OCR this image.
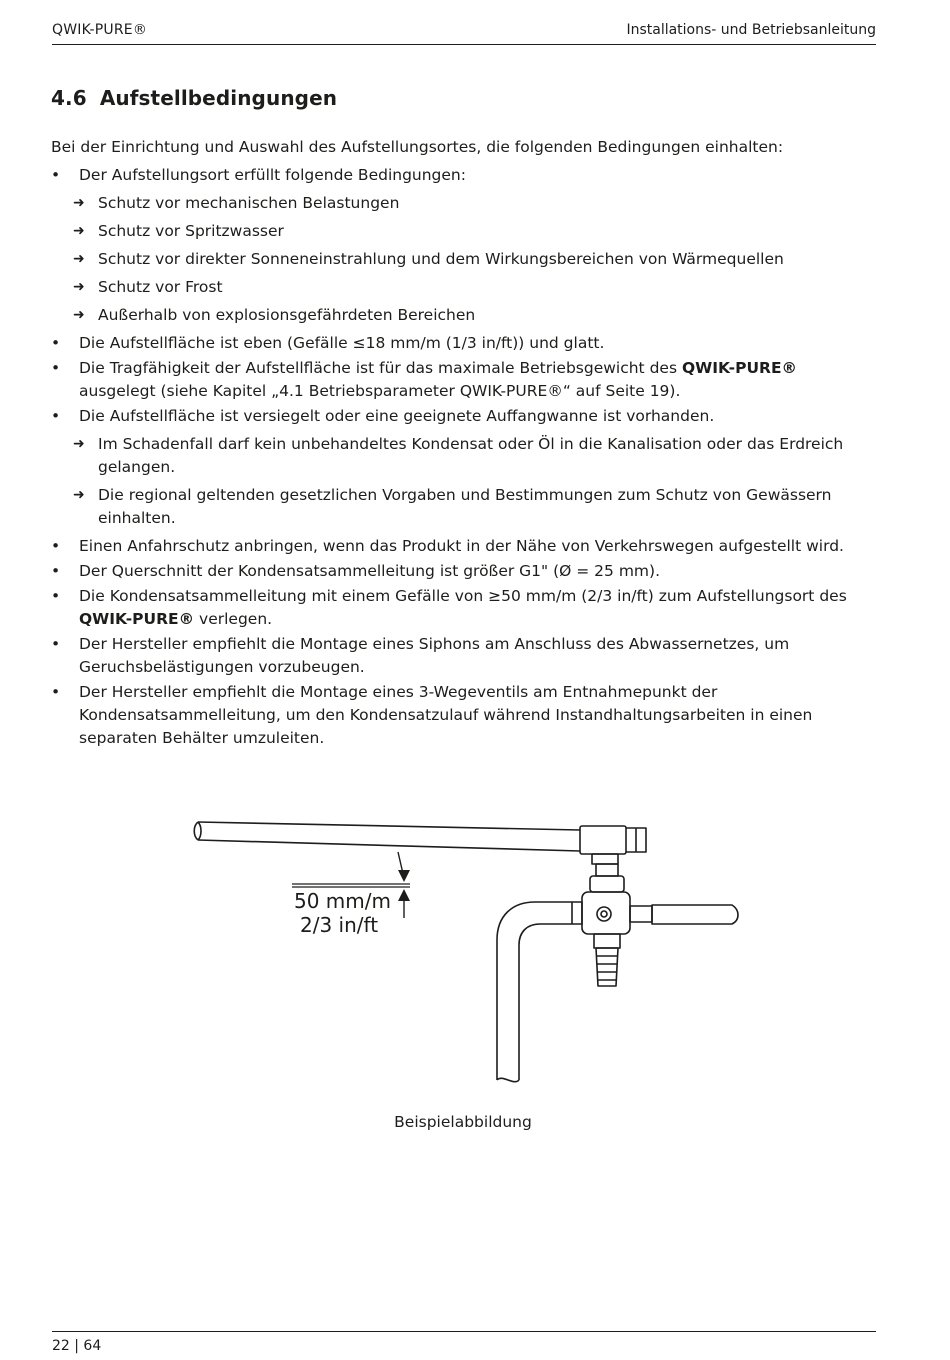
QWIK-PURE®	Installations- und Betriebsanleitung
4.6 Aufstellbedingungen

Bei der Einrichtung und Auswahl des Aufstellungsortes, die folgenden Bedingungen einhalten:

• Der Aufstellungsort erfüllt folgende Bedingungen:
➜ Schutz vor mechanischen Belastungen
➜ Schutz vor Spritzwasser
➜ Schutz vor direkter Sonneneinstrahlung und dem Wirkungsbereichen von Wärmequellen
➜ Schutz vor Frost
➜ Außerhalb von explosionsgefährdeten Bereichen
• Die Aufstellfläche ist eben (Gefälle ≤18 mm/m (1/3 in/ft)) und glatt.
• Die Tragfähigkeit der Aufstellfläche ist für das maximale Betriebsgewicht des QWIK-PURE® ausgelegt (siehe Kapitel „4.1 Betriebsparameter QWIK-PURE®“ auf Seite 19).
• Die Aufstellfläche ist versiegelt oder eine geeignete Auffangwanne ist vorhanden.
➜ Im Schadenfall darf kein unbehandeltes Kondensat oder Öl in die Kanalisation oder das Erdreich gelangen.
➜ Die regional geltenden gesetzlichen Vorgaben und Bestimmungen zum Schutz von Gewässern einhalten.
• Einen Anfahrschutz anbringen, wenn das Produkt in der Nähe von Verkehrswegen aufgestellt wird.
• Der Querschnitt der Kondensatsammelleitung ist größer G1" (Ø = 25 mm).
• Die Kondensatsammelleitung mit einem Gefälle von ≥50 mm/m (2/3 in/ft) zum Aufstellungsort des QWIK-PURE® verlegen.
• Der Hersteller empfiehlt die Montage eines Siphons am Anschluss des Abwassernetzes, um Geruchsbelästigungen vorzubeugen.
• Der Hersteller empfiehlt die Montage eines 3-Wegeventils am Entnahmepunkt der Kondensatsammelleitung, um den Kondensatzulauf während Instandhaltungsarbeiten in einen separaten Behälter umzuleiten.
50 mm/m
2/3 in/ft
Beispielabbildung
22 | 64
